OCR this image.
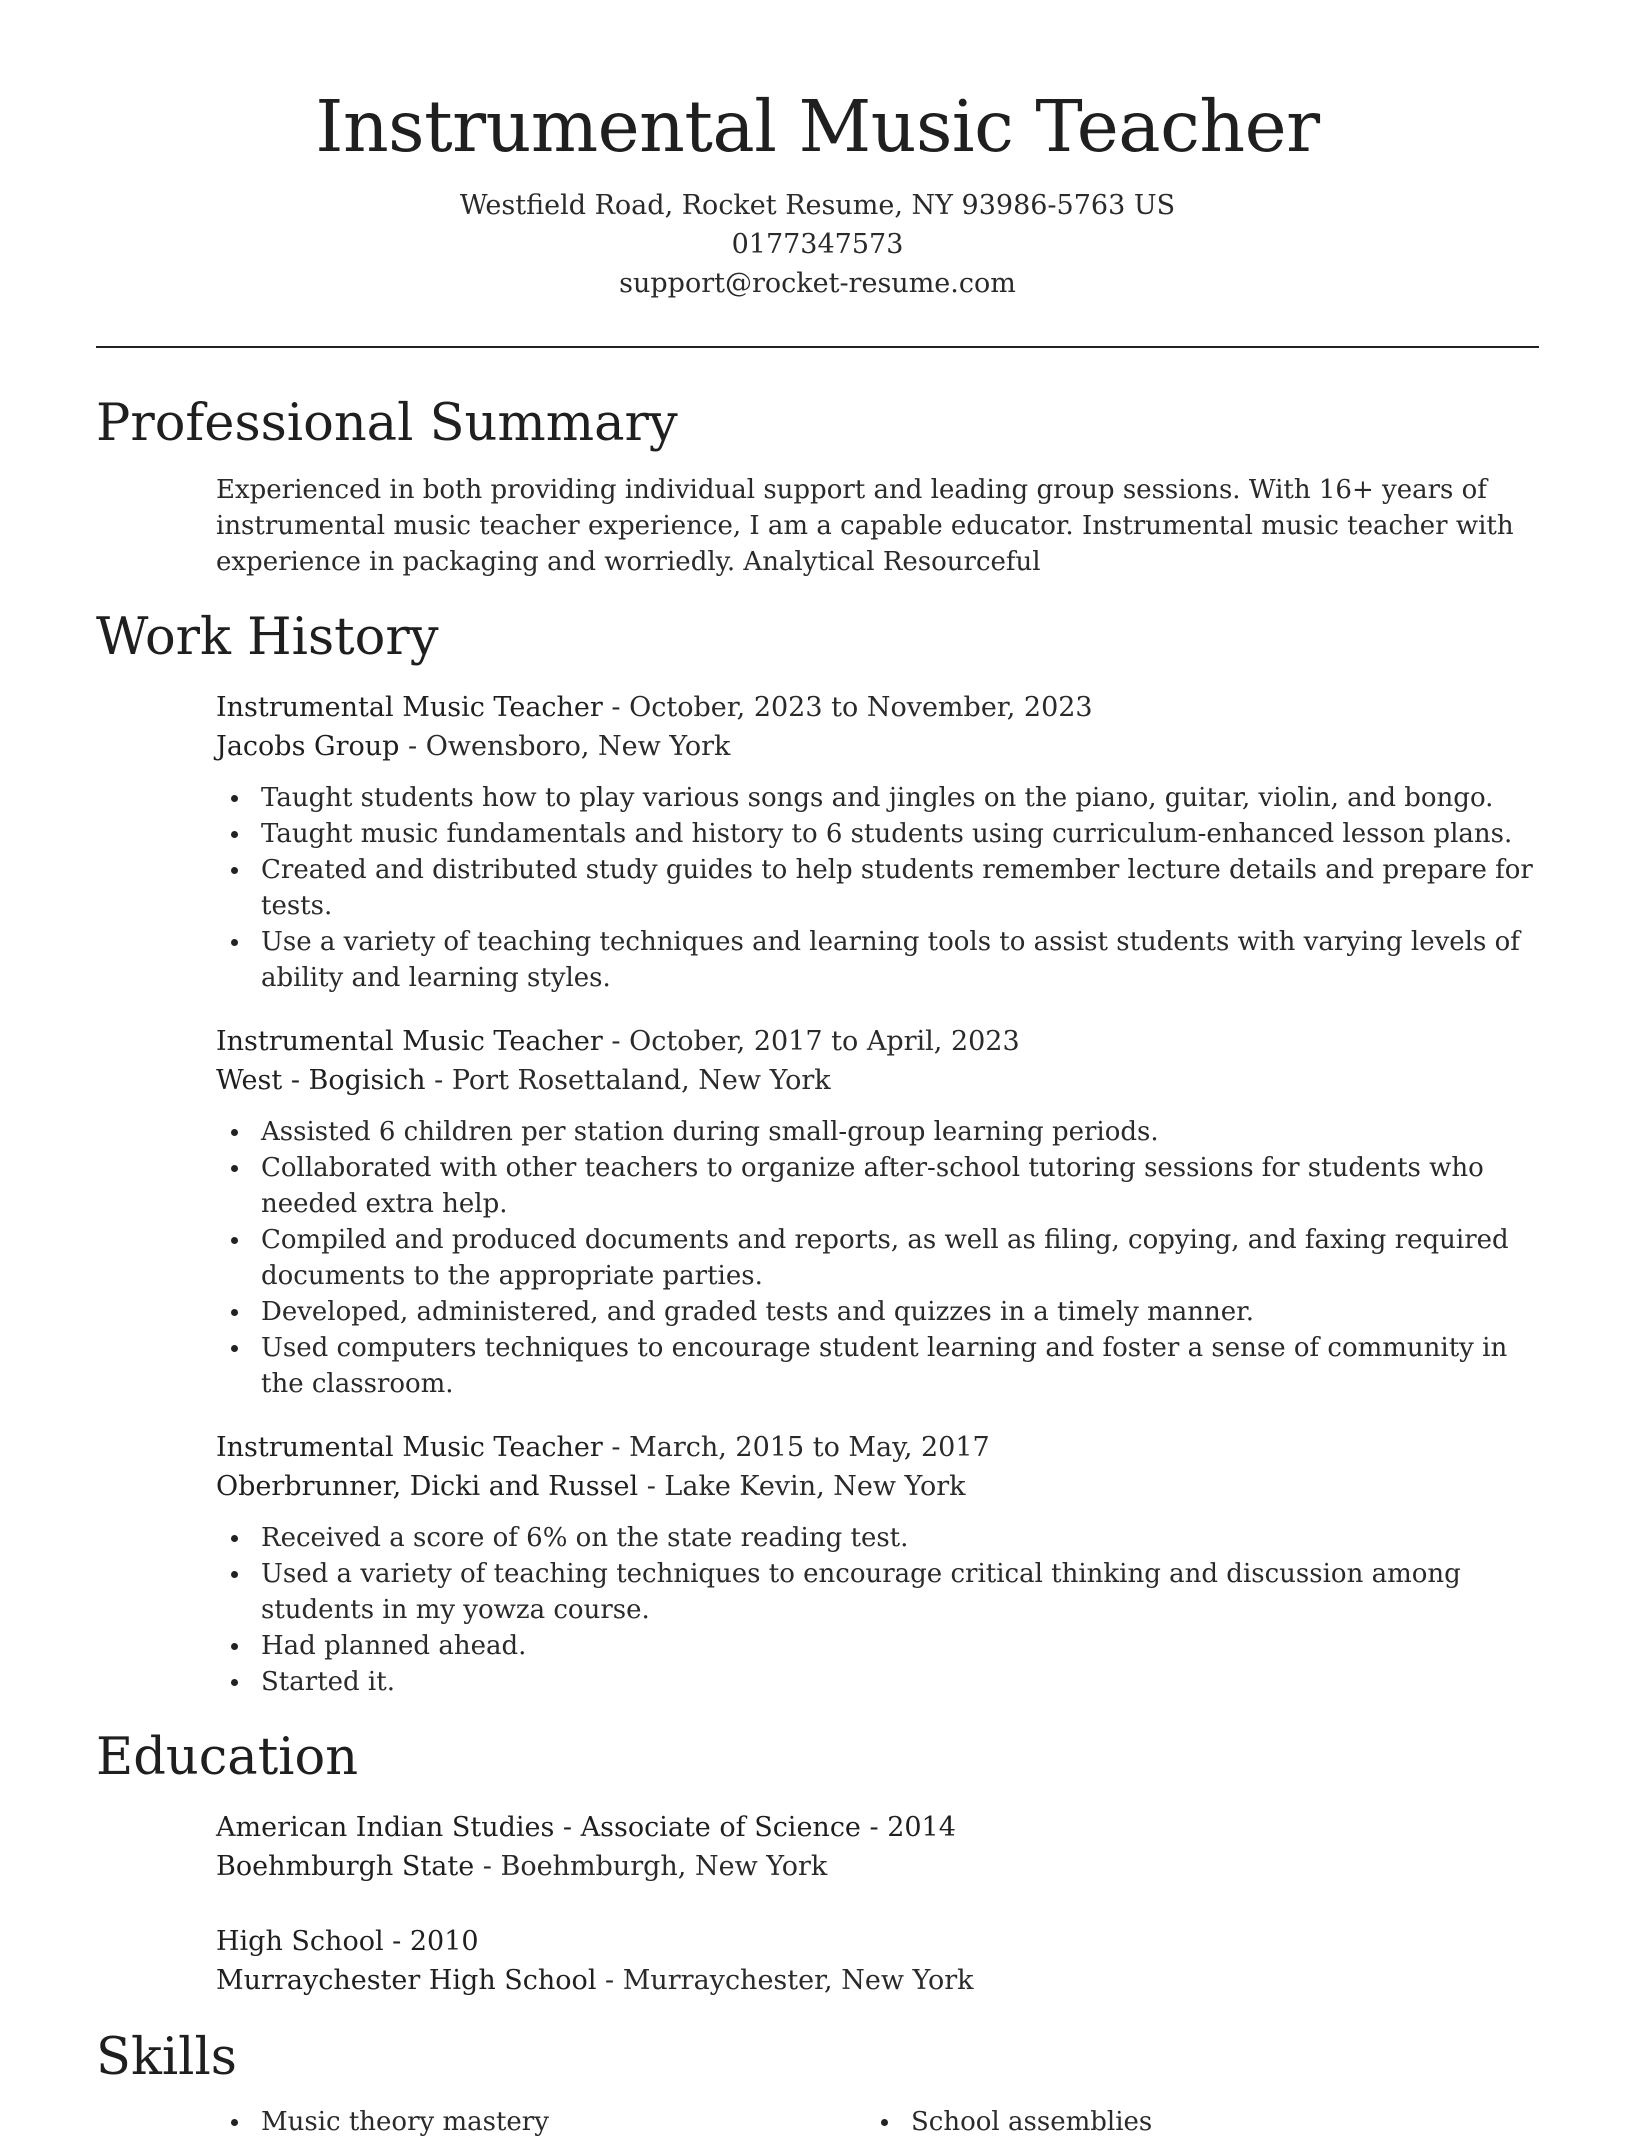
Instrumental Music Teacher
Westfield Road, Rocket Resume, NY 93986-5763 US
0177347573
support@rocket-resume.com
Professional Summary
Experienced in both providing individual support and leading group sessions. With 16+ years of instrumental music teacher experience, I am a capable educator. Instrumental music teacher with experience in packaging and worriedly. Analytical Resourceful
Work History
Instrumental Music Teacher - October, 2023 to November, 2023
Jacobs Group - Owensboro, New York
Taught students how to play various songs and jingles on the piano, guitar, violin, and bongo.
Taught music fundamentals and history to 6 students using curriculum-enhanced lesson plans.
Created and distributed study guides to help students remember lecture details and prepare for tests.
Use a variety of teaching techniques and learning tools to assist students with varying levels of ability and learning styles.
Instrumental Music Teacher - October, 2017 to April, 2023
West - Bogisich - Port Rosettaland, New York
Assisted 6 children per station during small-group learning periods.
Collaborated with other teachers to organize after-school tutoring sessions for students who needed extra help.
Compiled and produced documents and reports, as well as filing, copying, and faxing required documents to the appropriate parties.
Developed, administered, and graded tests and quizzes in a timely manner.
Used computers techniques to encourage student learning and foster a sense of community in the classroom.
Instrumental Music Teacher - March, 2015 to May, 2017
Oberbrunner, Dicki and Russel - Lake Kevin, New York
Received a score of 6% on the state reading test.
Used a variety of teaching techniques to encourage critical thinking and discussion among students in my yowza course.
Had planned ahead.
Started it.
Education
American Indian Studies - Associate of Science - 2014
Boehmburgh State - Boehmburgh, New York
High School - 2010
Murraychester High School - Murraychester, New York
Skills
Music theory mastery	School assemblies
